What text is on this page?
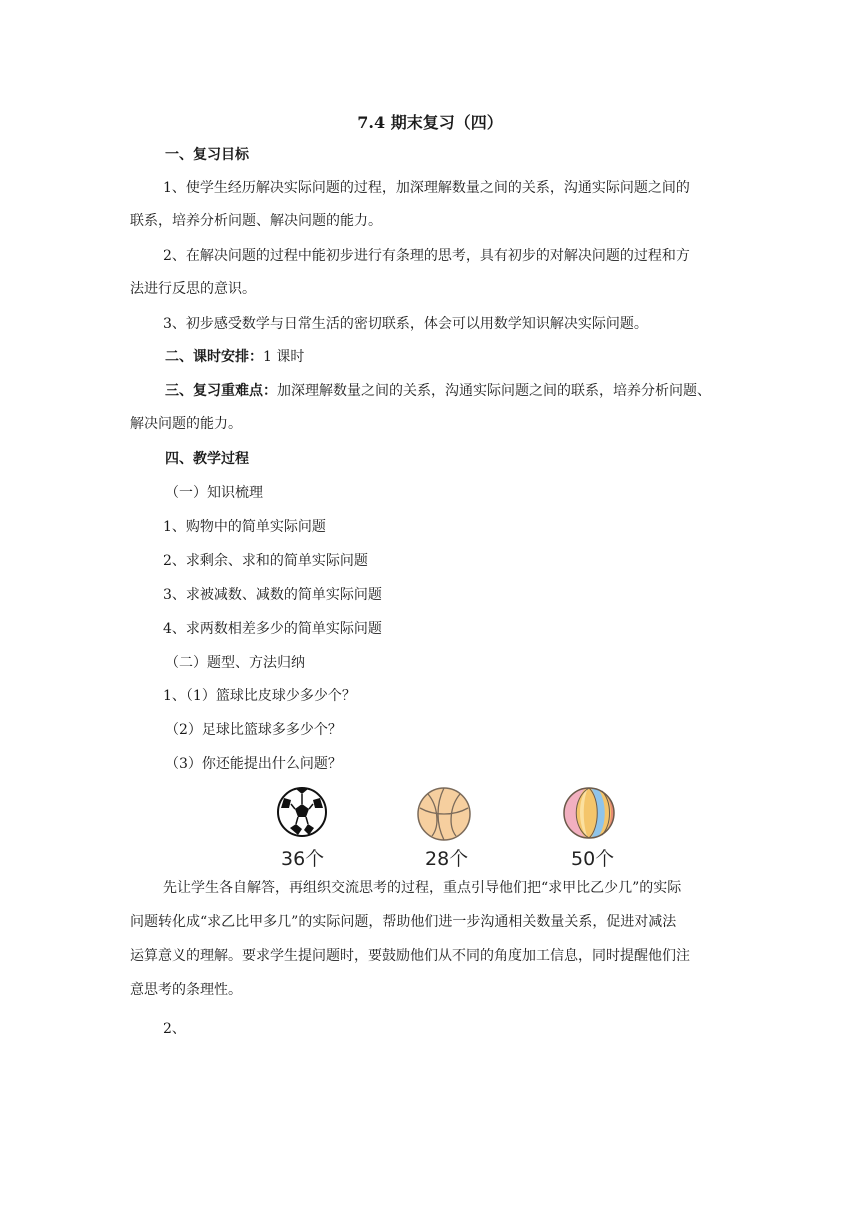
7.4 期末复习（四）
一、复习目标
1、使学生经历解决实际问题的过程，加深理解数量之间的关系，沟通实际问题之间的
联系，培养分析问题、解决问题的能力。
2、在解决问题的过程中能初步进行有条理的思考，具有初步的对解决问题的过程和方
法进行反思的意识。
3、初步感受数学与日常生活的密切联系，体会可以用数学知识解决实际问题。
二、课时安排：1 课时
三、复习重难点：加深理解数量之间的关系，沟通实际问题之间的联系，培养分析问题、
解决问题的能力。
四、教学过程
（一）知识梳理
1、购物中的简单实际问题
2、求剩余、求和的简单实际问题
3、求被减数、减数的简单实际问题
4、求两数相差多少的简单实际问题
（二）题型、方法归纳
1、（1）篮球比皮球少多少个？
（2）足球比篮球多多少个？
（3）你还能提出什么问题？
36个	28个	50个
先让学生各自解答，再组织交流思考的过程，重点引导他们把“求甲比乙少几”的实际
问题转化成“求乙比甲多几”的实际问题，帮助他们进一步沟通相关数量关系，促进对减法
运算意义的理解。要求学生提问题时，要鼓励他们从不同的角度加工信息，同时提醒他们注
意思考的条理性。
2、
